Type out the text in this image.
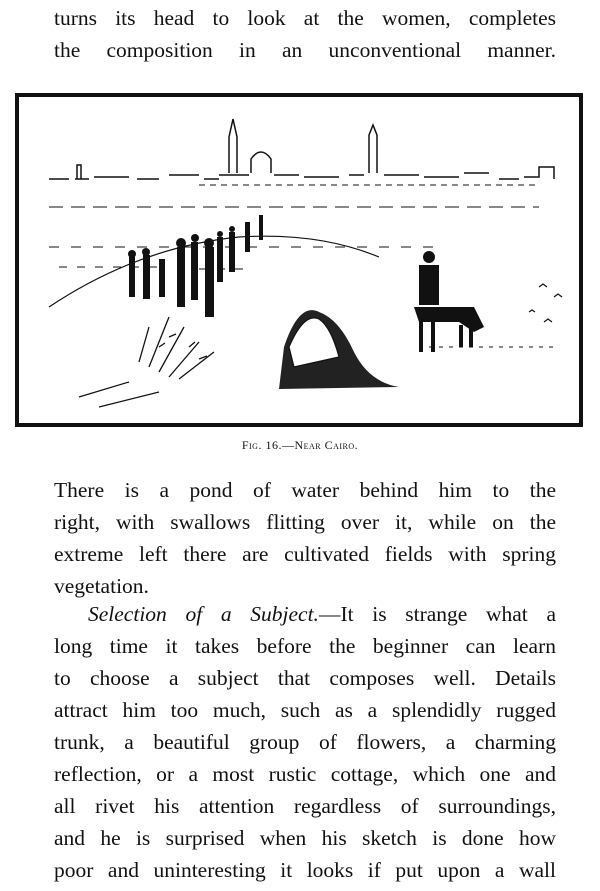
turns its head to look at the women, completes
the composition in an unconventional manner.
Fig. 16.—Near Cairo.
There is a pond of water behind him to the
right, with swallows flitting over it, while on the
extreme left there are cultivated fields with spring
vegetation.
Selection of a Subject.—It is strange what a
long time it takes before the beginner can learn
to choose a subject that composes well. Details
attract him too much, such as a splendidly rugged
trunk, a beautiful group of flowers, a charming
reflection, or a most rustic cottage, which one and
all rivet his attention regardless of surroundings,
and he is surprised when his sketch is done how
poor and uninteresting it looks if put upon a wall
